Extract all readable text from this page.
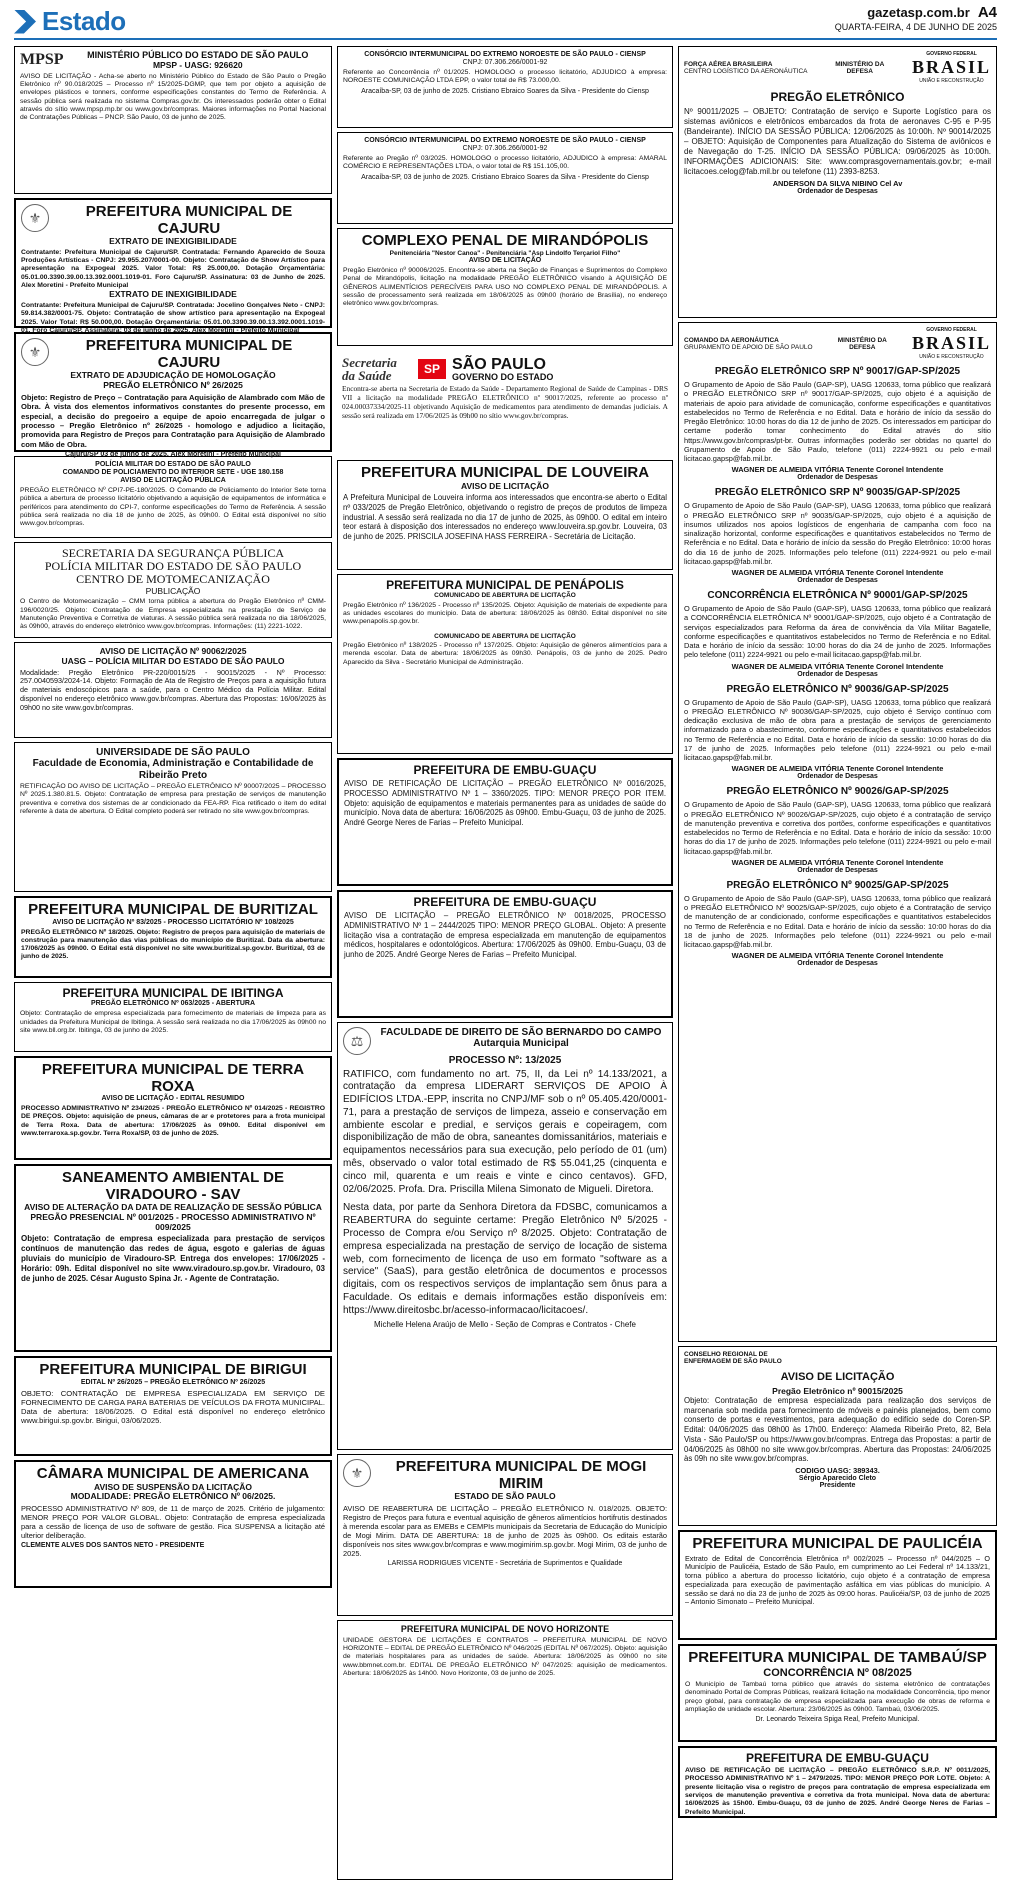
Estado	gazetasp.com.br A4
QUARTA-FEIRA, 4 DE JUNHO DE 2025
MPSP	MINISTÉRIO PÚBLICO DO ESTADO DE SÃO PAULO
MPSP - UASG: 926620
AVISO DE LICITAÇÃO - Acha-se aberto no Ministério Público do Estado de São Paulo o Pregão Eletrônico nº 90.018/2025 – Processo nº 15/2025-DGMP, que tem por objeto a aquisição de envelopes plásticos e tonners, conforme especificações constantes do Termo de Referência. A sessão pública será realizada no sistema Compras.gov.br. Os interessados poderão obter o Edital através do sítio www.mpsp.mp.br ou www.gov.br/compras. Maiores informações no Portal Nacional de Contratações Públicas – PNCP. São Paulo, 03 de junho de 2025.
⚜	PREFEITURA MUNICIPAL DE CAJURU
EXTRATO DE INEXIGIBILIDADE
Contratante: Prefeitura Municipal de Cajuru/SP. Contratada: Fernando Aparecido de Souza Produções Artísticas - CNPJ: 29.955.207/0001-00. Objeto: Contratação de Show Artístico para apresentação na Expogeal 2025. Valor Total: R$ 25.000,00. Dotação Orçamentária: 05.01.00.3390.39.00.13.392.0001.1019-01. Foro Cajuru/SP. Assinatura: 03 de Junho de 2025. Alex Moretini - Prefeito Municipal
EXTRATO DE INEXIGIBILIDADE
Contratante: Prefeitura Municipal de Cajuru/SP. Contratada: Jocelino Gonçalves Neto - CNPJ: 59.814.382/0001-75. Objeto: Contratação de show artístico para apresentação na Expogeal 2025. Valor Total: R$ 50.000,00. Dotação Orçamentária: 05.01.00.3390.39.00.13.392.0001.1019-01. Foro Cajuru/SP. Assinatura: 03 de junho de 2025. Alex Moretini - Prefeito Municipal
⚜	PREFEITURA MUNICIPAL DE CAJURU
EXTRATO DE ADJUDICAÇÃO DE HOMOLOGAÇÃO
PREGÃO ELETRÔNICO Nº 26/2025
Objeto: Registro de Preço – Contratação para Aquisição de Alambrado com Mão de Obra. À vista dos elementos informativos constantes do presente processo, em especial, a decisão do pregoeiro a equipe de apoio encarregada de julgar o processo – Pregão Eletrônico nº 26/2025 - homologo e adjudico a licitação, promovida para Registro de Preços para Contratação para Aquisição de Alambrado com Mão de Obra.
Cajuru/SP 03 de junho de 2025. Alex Moretini - Prefeito Municipal
POLÍCIA MILITAR DO ESTADO DE SÃO PAULO
COMANDO DE POLICIAMENTO DO INTERIOR SETE - UGE 180.158
AVISO DE LICITAÇÃO PÚBLICA
PREGÃO ELETRÔNICO Nº CPI7-PE-180/2025. O Comando de Policiamento do Interior Sete torna pública a abertura de processo licitatório objetivando a aquisição de equipamentos de informática e periféricos para atendimento do CPI-7, conforme especificações do Termo de Referência. A sessão pública será realizada no dia 18 de junho de 2025, às 09h00. O Edital está disponível no sítio www.gov.br/compras.
SECRETARIA DA SEGURANÇA PÚBLICA
POLÍCIA MILITAR DO ESTADO DE SÃO PAULO
CENTRO DE MOTOMECANIZAÇÃO
PUBLICAÇÃO
O Centro de Motomecanização – CMM torna pública a abertura do Pregão Eletrônico nº CMM-196/0020/25. Objeto: Contratação de Empresa especializada na prestação de Serviço de Manutenção Preventiva e Corretiva de viaturas. A sessão pública será realizada no dia 18/06/2025, às 09h00, através do endereço eletrônico www.gov.br/compras. Informações: (11) 2221-1022.
AVISO DE LICITAÇÃO Nº 90062/2025
UASG – POLÍCIA MILITAR DO ESTADO DE SÃO PAULO
Modalidade: Pregão Eletrônico PR-220/0015/25 - 90015/2025 - Nº Processo: 257.0040593/2024-14. Objeto: Formação de Ata de Registro de Preços para a aquisição futura de materiais endoscópicos para a saúde, para o Centro Médico da Polícia Militar. Edital disponível no endereço eletrônico www.gov.br/compras. Abertura das Propostas: 16/06/2025 às 09h00 no site www.gov.br/compras.
UNIVERSIDADE DE SÃO PAULO
Faculdade de Economia, Administração e Contabilidade de Ribeirão Preto
RETIFICAÇÃO DO AVISO DE LICITAÇÃO – PREGÃO ELETRÔNICO Nº 90007/2025 – PROCESSO Nº 2025.1.380.81.5. Objeto: Contratação de empresa para prestação de serviços de manutenção preventiva e corretiva dos sistemas de ar condicionado da FEA-RP. Fica retificado o item do edital referente à data de abertura. O Edital completo poderá ser retirado no site www.gov.br/compras.
PREFEITURA MUNICIPAL DE BURITIZAL
AVISO DE LICITAÇÃO Nº 83/2025 - PROCESSO LICITATÓRIO Nº 108/2025
PREGÃO ELETRÔNICO Nº 18/2025. Objeto: Registro de preços para aquisição de materiais de construção para manutenção das vias públicas do município de Buritizal. Data da abertura: 17/06/2025 às 09h00. O Edital está disponível no site www.buritizal.sp.gov.br. Buritizal, 03 de junho de 2025.
PREFEITURA MUNICIPAL DE IBITINGA
PREGÃO ELETRÔNICO Nº 063/2025 - ABERTURA
Objeto: Contratação de empresa especializada para fornecimento de materiais de limpeza para as unidades da Prefeitura Municipal de Ibitinga. A sessão será realizada no dia 17/06/2025 às 09h00 no site www.bll.org.br. Ibitinga, 03 de junho de 2025.
PREFEITURA MUNICIPAL DE TERRA ROXA
AVISO DE LICITAÇÃO - EDITAL RESUMIDO
PROCESSO ADMINISTRATIVO Nº 234/2025 - PREGÃO ELETRÔNICO Nº 014/2025 - REGISTRO DE PREÇOS. Objeto: aquisição de pneus, câmaras de ar e protetores para a frota municipal de Terra Roxa. Data de abertura: 17/06/2025 às 09h00. Edital disponível em www.terraroxa.sp.gov.br. Terra Roxa/SP, 03 de junho de 2025.
SANEAMENTO AMBIENTAL DE VIRADOURO - SAV
AVISO DE ALTERAÇÃO DA DATA DE REALIZAÇÃO DE SESSÃO PÚBLICA
PREGÃO PRESENCIAL Nº 001/2025 - PROCESSO ADMINISTRATIVO Nº 009/2025
Objeto: Contratação de empresa especializada para prestação de serviços contínuos de manutenção das redes de água, esgoto e galerias de águas pluviais do município de Viradouro-SP. Entrega dos envelopes: 17/06/2025 - Horário: 09h. Edital disponível no site www.viradouro.sp.gov.br. Viradouro, 03 de junho de 2025. César Augusto Spina Jr. - Agente de Contratação.
PREFEITURA MUNICIPAL DE BIRIGUI
EDITAL Nº 26/2025 – PREGÃO ELETRÔNICO Nº 26/2025
OBJETO: CONTRATAÇÃO DE EMPRESA ESPECIALIZADA EM SERVIÇO DE FORNECIMENTO DE CARGA PARA BATERIAS DE VEÍCULOS DA FROTA MUNICIPAL. Data de abertura: 18/06/2025. O Edital está disponível no endereço eletrônico www.birigui.sp.gov.br. Birigui, 03/06/2025.
CÂMARA MUNICIPAL DE AMERICANA
AVISO DE SUSPENSÃO DA LICITAÇÃO
MODALIDADE: PREGÃO ELETRÔNICO Nº 06/2025.
PROCESSO ADMINISTRATIVO Nº 809, de 11 de março de 2025. Critério de julgamento: MENOR PREÇO POR VALOR GLOBAL. Objeto: Contratação de empresa especializada para a cessão de licença de uso de software de gestão. Fica SUSPENSA a licitação até ulterior deliberação.
CLEMENTE ALVES DOS SANTOS NETO - PRESIDENTE
CONSÓRCIO INTERMUNICIPAL DO EXTREMO NOROESTE DE SÃO PAULO - CIENSP
CNPJ: 07.306.266/0001-92
Referente ao Concorrência nº 01/2025. HOMOLOGO o processo licitatório, ADJUDICO à empresa: NOROESTE COMUNICAÇÃO LTDA EPP, o valor total de R$ 73.000,00.
Aracaíba-SP, 03 de junho de 2025. Cristiano Ebraico Soares da Silva - Presidente do Ciensp
CONSÓRCIO INTERMUNICIPAL DO EXTREMO NOROESTE DE SÃO PAULO - CIENSP
CNPJ: 07.306.266/0001-92
Referente ao Pregão nº 03/2025. HOMOLOGO o processo licitatório, ADJUDICO à empresa: AMARAL COMÉRCIO E REPRESENTAÇÕES LTDA, o valor total de R$ 151.105,00.
Aracaíba-SP, 03 de junho de 2025. Cristiano Ebraico Soares da Silva - Presidente do Ciensp
COMPLEXO PENAL DE MIRANDÓPOLIS
Penitenciária "Nestor Canoa" - Penitenciária "Asp Lindolfo Terçariol Filho"
AVISO DE LICITAÇÃO
Pregão Eletrônico nº 90006/2025. Encontra-se aberta na Seção de Finanças e Suprimentos do Complexo Penal de Mirandópolis, licitação na modalidade PREGÃO ELETRÔNICO visando à AQUISIÇÃO DE GÊNEROS ALIMENTÍCIOS PERECÍVEIS PARA USO NO COMPLEXO PENAL DE MIRANDÓPOLIS. A sessão de processamento será realizada em 18/06/2025 às 09h00 (horário de Brasília), no endereço eletrônico www.gov.br/compras.
Secretaria da Saúde	SP SÃO PAULO
GOVERNO DO ESTADO
Encontra-se aberta na Secretaria de Estado da Saúde - Departamento Regional de Saúde de Campinas - DRS VII a licitação na modalidade PREGÃO ELETRÔNICO nº 90017/2025, referente ao processo nº 024.00037334/2025-11 objetivando Aquisição de medicamentos para atendimento de demandas judiciais. A sessão será realizada em 17/06/2025 às 09h00 no sítio www.gov.br/compras.
PREFEITURA MUNICIPAL DE LOUVEIRA
AVISO DE LICITAÇÃO
A Prefeitura Municipal de Louveira informa aos interessados que encontra-se aberto o Edital nº 033/2025 de Pregão Eletrônico, objetivando o registro de preços de produtos de limpeza industrial. A sessão será realizada no dia 17 de junho de 2025, às 09h00. O edital em inteiro teor estará à disposição dos interessados no endereço www.louveira.sp.gov.br. Louveira, 03 de junho de 2025. PRISCILA JOSEFINA HASS FERREIRA - Secretária de Licitação.
PREFEITURA MUNICIPAL DE PENÁPOLIS
COMUNICADO DE ABERTURA DE LICITAÇÃO
Pregão Eletrônico nº 136/2025 - Processo nº 135/2025. Objeto: Aquisição de materiais de expediente para as unidades escolares do município. Data de abertura: 18/06/2025 às 08h30. Edital disponível no site www.penapolis.sp.gov.br.
COMUNICADO DE ABERTURA DE LICITAÇÃO
Pregão Eletrônico nº 138/2025 - Processo nº 137/2025. Objeto: Aquisição de gêneros alimentícios para a merenda escolar. Data de abertura: 18/06/2025 às 09h30. Penápolis, 03 de junho de 2025. Pedro Aparecido da Silva - Secretário Municipal de Administração.
PREFEITURA DE EMBU-GUAÇU
AVISO DE RETIFICAÇÃO DE LICITAÇÃO – PREGÃO ELETRÔNICO Nº 0016/2025, PROCESSO ADMINISTRATIVO Nº 1 – 3360/2025. TIPO: MENOR PREÇO POR ITEM. Objeto: aquisição de equipamentos e materiais permanentes para as unidades de saúde do município. Nova data de abertura: 16/06/2025 às 09h00. Embu-Guaçu, 03 de junho de 2025. André George Neres de Farias – Prefeito Municipal.
PREFEITURA DE EMBU-GUAÇU
AVISO DE LICITAÇÃO – PREGÃO ELETRÔNICO Nº 0018/2025, PROCESSO ADMINISTRATIVO Nº 1 – 2444/2025 TIPO: MENOR PREÇO GLOBAL. Objeto: A presente licitação visa a contratação de empresa especializada em manutenção de equipamentos médicos, hospitalares e odontológicos. Abertura: 17/06/2025 às 09h00. Embu-Guaçu, 03 de junho de 2025. André George Neres de Farias – Prefeito Municipal.
⚖	FACULDADE DE DIREITO DE SÃO BERNARDO DO CAMPO
Autarquia Municipal
PROCESSO Nº: 13/2025
RATIFICO, com fundamento no art. 75, II, da Lei nº 14.133/2021, a contratação da empresa LIDERART SERVIÇOS DE APOIO À EDIFÍCIOS LTDA.-EPP, inscrita no CNPJ/MF sob o nº 05.405.420/0001-71, para a prestação de serviços de limpeza, asseio e conservação em ambiente escolar e predial, e serviços gerais e copeiragem, com disponibilização de mão de obra, saneantes domissanitários, materiais e equipamentos necessários para sua execução, pelo período de 01 (um) mês, observado o valor total estimado de R$ 55.041,25 (cinquenta e cinco mil, quarenta e um reais e vinte e cinco centavos). GFD, 02/06/2025. Profa. Dra. Priscilla Milena Simonato de Migueli. Diretora.
Nesta data, por parte da Senhora Diretora da FDSBC, comunicamos a REABERTURA do seguinte certame: Pregão Eletrônico Nº 5/2025 - Processo de Compra e/ou Serviço nº 8/2025. Objeto: Contratação de empresa especializada na prestação de serviço de locação de sistema web, com fornecimento de licença de uso em formato "software as a service" (SaaS), para gestão eletrônica de documentos e processos digitais, com os respectivos serviços de implantação sem ônus para a Faculdade. Os editais e demais informações estão disponíveis em: https://www.direitosbc.br/acesso-informacao/licitacoes/.
Michelle Helena Araújo de Mello - Seção de Compras e Contratos - Chefe
⚜	PREFEITURA MUNICIPAL DE MOGI MIRIM
ESTADO DE SÃO PAULO
AVISO DE REABERTURA DE LICITAÇÃO – PREGÃO ELETRÔNICO N. 018/2025. OBJETO: Registro de Preços para futura e eventual aquisição de gêneros alimentícios hortifrutis destinados à merenda escolar para as EMEBs e CEMPIs municipais da Secretaria de Educação do Município de Mogi Mirim. DATA DE ABERTURA: 18 de junho de 2025 às 09h00. Os editais estarão disponíveis nos sites www.gov.br/compras e www.mogimirim.sp.gov.br. Mogi Mirim, 03 de junho de 2025.
LARISSA RODRIGUES VICENTE - Secretária de Suprimentos e Qualidade
PREFEITURA MUNICIPAL DE NOVO HORIZONTE
UNIDADE GESTORA DE LICITAÇÕES E CONTRATOS – PREFEITURA MUNICIPAL DE NOVO HORIZONTE – EDITAL DE PREGÃO ELETRÔNICO Nº 046/2025 (EDITAL Nº 067/2025). Objeto: aquisição de materiais hospitalares para as unidades de saúde. Abertura: 18/06/2025 às 09h00 no site www.bbmnet.com.br. EDITAL DE PREGÃO ELETRÔNICO Nº 047/2025: aquisição de medicamentos. Abertura: 18/06/2025 às 14h00. Novo Horizonte, 03 de junho de 2025.
FORÇA AÉREA BRASILEIRA
CENTRO LOGÍSTICO DA AERONÁUTICA
MINISTÉRIO DA DEFESA
GOVERNO FEDERAL
BRASIL
UNIÃO E RECONSTRUÇÃO
PREGÃO ELETRÔNICO
Nº 90011/2025 – OBJETO: Contratação de serviço e Suporte Logístico para os sistemas aviônicos e eletrônicos embarcados da frota de aeronaves C-95 e P-95 (Bandeirante). INÍCIO DA SESSÃO PÚBLICA: 12/06/2025 às 10:00h. Nº 90014/2025 – OBJETO: Aquisição de Componentes para Atualização do Sistema de aviônicos e de Navegação do T-25. INÍCIO DA SESSÃO PÚBLICA: 09/06/2025 às 10:00h. INFORMAÇÕES ADICIONAIS: Site: www.comprasgovernamentais.gov.br; e-mail licitacoes.celog@fab.mil.br ou telefone (11) 2393-8253.
ANDERSON DA SILVA NIBINO Cel Av
Ordenador de Despesas
COMANDO DA AERONÁUTICA
GRUPAMENTO DE APOIO DE SÃO PAULO
MINISTÉRIO DA DEFESA
GOVERNO FEDERAL
BRASIL
UNIÃO E RECONSTRUÇÃO
PREGÃO ELETRÔNICO SRP Nº 90017/GAP-SP/2025
O Grupamento de Apoio de São Paulo (GAP-SP), UASG 120633, torna público que realizará o PREGÃO ELETRÔNICO SRP nº 90017/GAP-SP/2025, cujo objeto é a aquisição de materiais de apoio para atividade de comunicação, conforme especificações e quantitativos estabelecidos no Termo de Referência e no Edital. Data e horário de início da sessão do Pregão Eletrônico: 10:00 horas do dia 12 de junho de 2025. Os interessados em participar do certame poderão tomar conhecimento do Edital através do sítio https://www.gov.br/compras/pt-br. Outras informações poderão ser obtidas no quartel do Grupamento de Apoio de São Paulo, telefone (011) 2224-9921 ou pelo e-mail licitacao.gapsp@fab.mil.br.
WAGNER DE ALMEIDA VITÓRIA Tenente Coronel Intendente
Ordenador de Despesas
PREGÃO ELETRÔNICO SRP Nº 90035/GAP-SP/2025
O Grupamento de Apoio de São Paulo (GAP-SP), UASG 120633, torna público que realizará o PREGÃO ELETRÔNICO SRP nº 90035/GAP-SP/2025, cujo objeto é a aquisição de insumos utilizados nos apoios logísticos de engenharia de campanha com foco na sinalização horizontal, conforme especificações e quantitativos estabelecidos no Termo de Referência e no Edital. Data e horário de início da sessão do Pregão Eletrônico: 10:00 horas do dia 16 de junho de 2025. Informações pelo telefone (011) 2224-9921 ou pelo e-mail licitacao.gapsp@fab.mil.br.
WAGNER DE ALMEIDA VITÓRIA Tenente Coronel Intendente
Ordenador de Despesas
CONCORRÊNCIA ELETRÔNICA Nº 90001/GAP-SP/2025
O Grupamento de Apoio de São Paulo (GAP-SP), UASG 120633, torna público que realizará a CONCORRÊNCIA ELETRÔNICA Nº 90001/GAP-SP/2025, cujo objeto é a Contratação de serviços especializados para Reforma da área de convivência da Vila Militar Bagatelle, conforme especificações e quantitativos estabelecidos no Termo de Referência e no Edital. Data e horário de início da sessão: 10:00 horas do dia 24 de junho de 2025. Informações pelo telefone (011) 2224-9921 ou pelo e-mail licitacao.gapsp@fab.mil.br.
WAGNER DE ALMEIDA VITÓRIA Tenente Coronel Intendente
Ordenador de Despesas
PREGÃO ELETRÔNICO Nº 90036/GAP-SP/2025
O Grupamento de Apoio de São Paulo (GAP-SP), UASG 120633, torna público que realizará o PREGÃO ELETRÔNICO Nº 90036/GAP-SP/2025, cujo objeto é Serviço contínuo com dedicação exclusiva de mão de obra para a prestação de serviços de gerenciamento informatizado para o abastecimento, conforme especificações e quantitativos estabelecidos no Termo de Referência e no Edital. Data e horário de início da sessão: 10:00 horas do dia 17 de junho de 2025. Informações pelo telefone (011) 2224-9921 ou pelo e-mail licitacao.gapsp@fab.mil.br.
WAGNER DE ALMEIDA VITÓRIA Tenente Coronel Intendente
Ordenador de Despesas
PREGÃO ELETRÔNICO Nº 90026/GAP-SP/2025
O Grupamento de Apoio de São Paulo (GAP-SP), UASG 120633, torna público que realizará o PREGÃO ELETRÔNICO Nº 90026/GAP-SP/2025, cujo objeto é a contratação de serviço de manutenção preventiva e corretiva dos portões, conforme especificações e quantitativos estabelecidos no Termo de Referência e no Edital. Data e horário de início da sessão: 10:00 horas do dia 17 de junho de 2025. Informações pelo telefone (011) 2224-9921 ou pelo e-mail licitacao.gapsp@fab.mil.br.
WAGNER DE ALMEIDA VITÓRIA Tenente Coronel Intendente
Ordenador de Despesas
PREGÃO ELETRÔNICO Nº 90025/GAP-SP/2025
O Grupamento de Apoio de São Paulo (GAP-SP), UASG 120633, torna público que realizará o PREGÃO ELETRÔNICO Nº 90025/GAP-SP/2025, cujo objeto é a Contratação de serviço de manutenção de ar condicionado, conforme especificações e quantitativos estabelecidos no Termo de Referência e no Edital. Data e horário de início da sessão: 10:00 horas do dia 18 de junho de 2025. Informações pelo telefone (011) 2224-9921 ou pelo e-mail licitacao.gapsp@fab.mil.br.
WAGNER DE ALMEIDA VITÓRIA Tenente Coronel Intendente
Ordenador de Despesas
CONSELHO REGIONAL DE ENFERMAGEM DE SÃO PAULO
AVISO DE LICITAÇÃO
Pregão Eletrônico nº 90015/2025
Objeto: Contratação de empresa especializada para realização dos serviços de marcenaria sob medida para fornecimento de móveis e painéis planejados, bem como conserto de portas e revestimentos, para adequação do edifício sede do Coren-SP. Edital: 04/06/2025 das 08h00 às 17h00. Endereço: Alameda Ribeirão Preto, 82, Bela Vista - São Paulo/SP ou https://www.gov.br/compras. Entrega das Propostas: a partir de 04/06/2025 às 08h00 no site www.gov.br/compras. Abertura das Propostas: 24/06/2025 às 09h no site www.gov.br/compras.
CODIGO UASG: 389343.
Sérgio Aparecido Cleto
Presidente
PREFEITURA MUNICIPAL DE PAULICÉIA
Extrato de Edital de Concorrência Eletrônica nº 002/2025 – Processo nº 044/2025 – O Município de Paulicéia, Estado de São Paulo, em cumprimento ao Lei Federal nº 14.133/21, torna público a abertura do processo licitatório, cujo objeto é a contratação de empresa especializada para execução de pavimentação asfáltica em vias públicas do município. A sessão se dará no dia 23 de junho de 2025 às 09:00 horas. Paulicéia/SP, 03 de junho de 2025 – Antonio Simonato – Prefeito Municipal.
PREFEITURA MUNICIPAL DE TAMBAÚ/SP
CONCORRÊNCIA Nº 08/2025
O Município de Tambaú torna público que através do sistema eletrônico de contratações denominado Portal de Compras Públicas, realizará licitação na modalidade Concorrência, tipo menor preço global, para contratação de empresa especializada para execução de obras de reforma e ampliação de unidade escolar. Abertura: 23/06/2025 às 09h00. Tambaú, 03/06/2025.
Dr. Leonardo Teixeira Spiga Real, Prefeito Municipal.
PREFEITURA DE EMBU-GUAÇU
AVISO DE RETIFICAÇÃO DE LICITAÇÃO – PREGÃO ELETRÔNICO S.R.P. Nº 0011/2025, PROCESSO ADMINISTRATIVO Nº 1 – 2479/2025. TIPO: MENOR PREÇO POR LOTE. Objeto: A presente licitação visa o registro de preços para contratação de empresa especializada em serviços de manutenção preventiva e corretiva da frota municipal. Nova data de abertura: 16/06/2025 às 15h00. Embu-Guaçu, 03 de junho de 2025. André George Neres de Farias – Prefeito Municipal.
